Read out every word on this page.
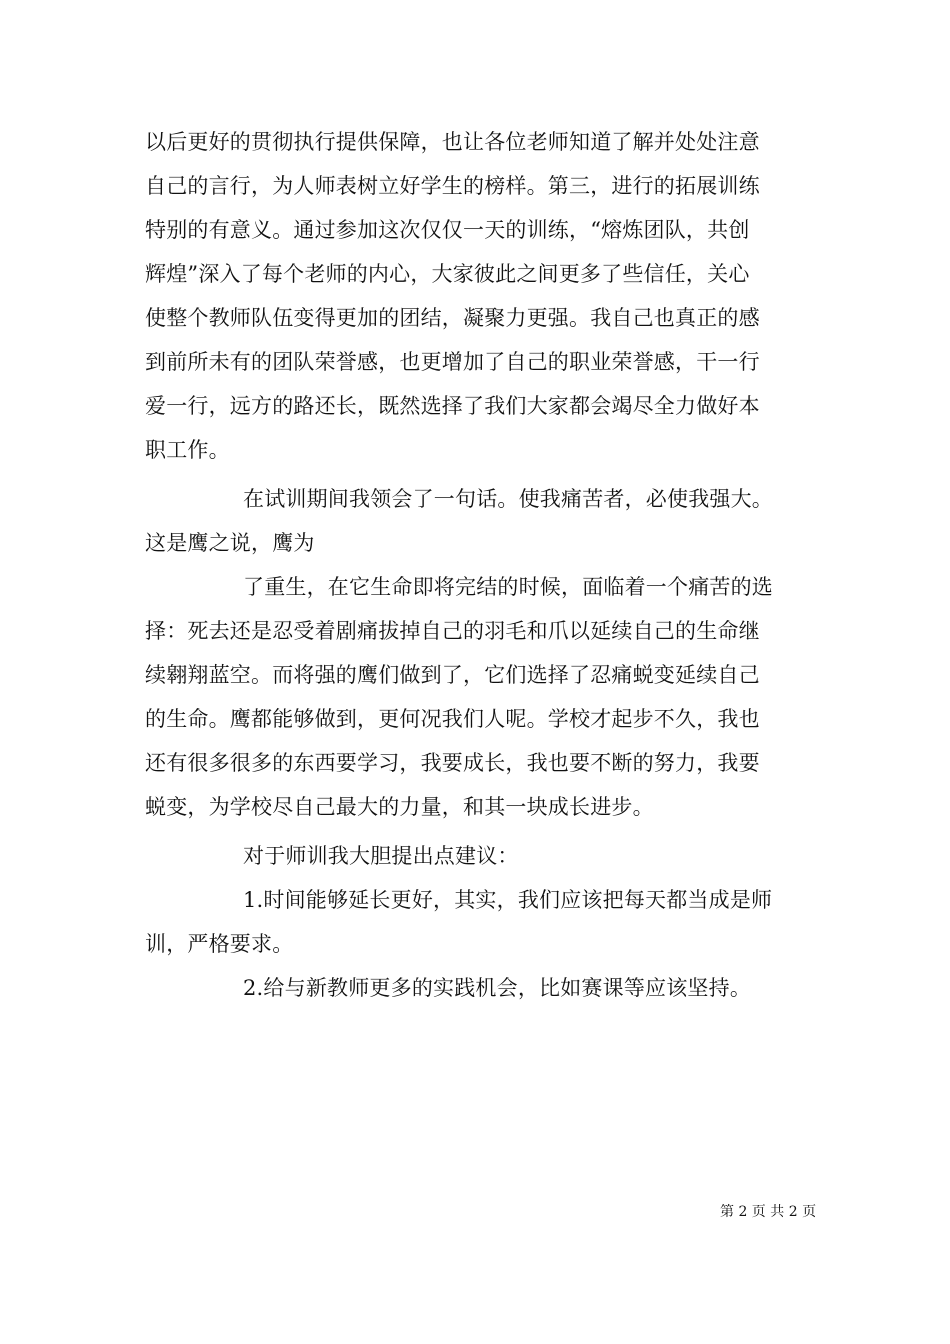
以后更好的贯彻执行提供保障，也让各位老师知道了解并处处注意
自己的言行，为人师表树立好学生的榜样。第三，进行的拓展训练
特别的有意义。通过参加这次仅仅一天的训练，“熔炼团队，共创
辉煌”深入了每个老师的内心，大家彼此之间更多了些信任，关心
使整个教师队伍变得更加的团结，凝聚力更强。我自己也真正的感
到前所未有的团队荣誉感，也更增加了自己的职业荣誉感，干一行
爱一行，远方的路还长，既然选择了我们大家都会竭尽全力做好本
职工作。
在试训期间我领会了一句话。使我痛苦者，必使我强大。
这是鹰之说，鹰为
了重生，在它生命即将完结的时候，面临着一个痛苦的选
择：死去还是忍受着剧痛拔掉自己的羽毛和爪以延续自己的生命继
续翱翔蓝空。而将强的鹰们做到了，它们选择了忍痛蜕变延续自己
的生命。鹰都能够做到，更何况我们人呢。学校才起步不久，我也
还有很多很多的东西要学习，我要成长，我也要不断的努力，我要
蜕变，为学校尽自己最大的力量，和其一块成长进步。
对于师训我大胆提出点建议：
1.时间能够延长更好，其实，我们应该把每天都当成是师
训，严格要求。
2.给与新教师更多的实践机会，比如赛课等应该坚持。
第 2 页 共 2 页
